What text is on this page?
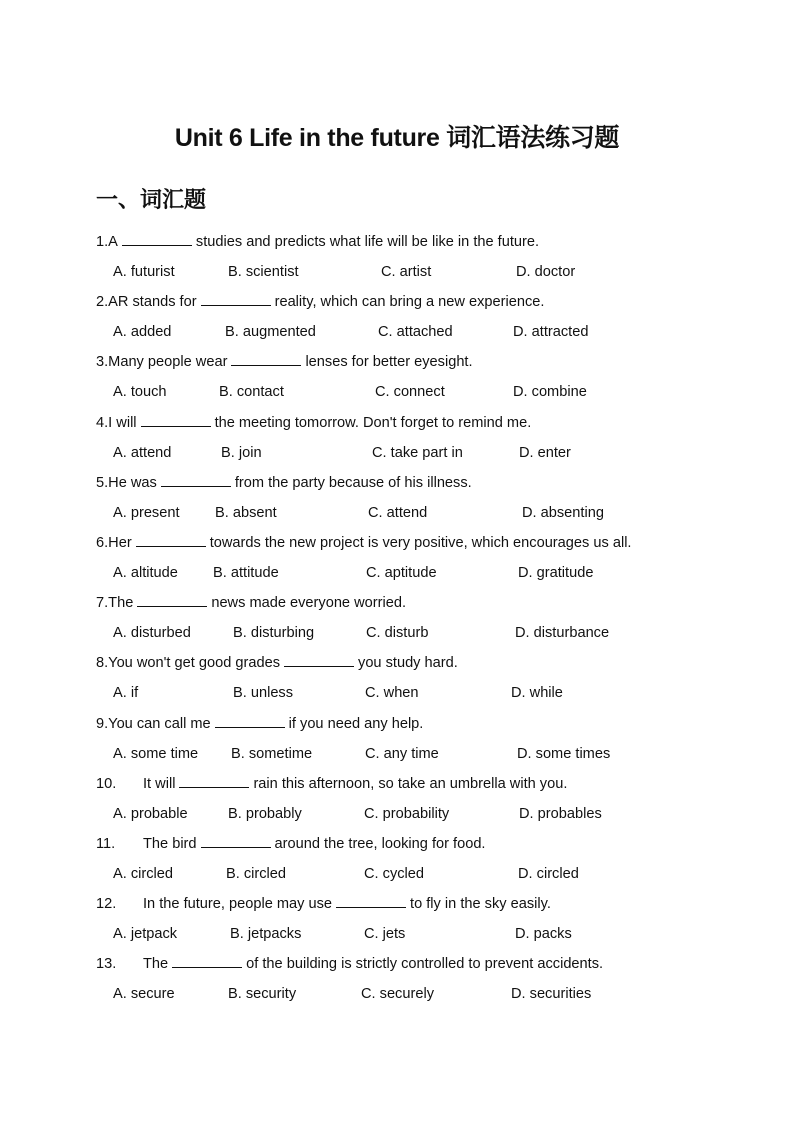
Unit 6 Life in the future 词汇语法练习题
一、词汇题
1.A	studies and predicts what life will be like in the future.
A. futurist	B. scientist	C. artist	D. doctor
2.AR stands for	reality, which can bring a new experience.
A. added	B. augmented	C. attached	D. attracted
3.Many people wear	lenses for better eyesight.
A. touch	B. contact	C. connect	D. combine
4.I will	the meeting tomorrow. Don't forget to remind me.
A. attend	B. join	C. take part in	D. enter
5.He was	from the party because of his illness.
A. present B. absent	C. attend	D. absenting
6.Her	towards the new project is very positive, which encourages us all.
A. altitude B. attitude	C. aptitude	D. gratitude
7.The	news made everyone worried.
A. disturbed	B. disturbing	C. disturb	D. disturbance
8.You won't get good grades	you study hard.
A. if	B. unless	C. when	D. while
9.You can call me	if you need any help.
A. some time B. sometime	C. any time	D. some times
10. It will	rain this afternoon, so take an umbrella with you.
A. probable	B. probably	C. probability	D. probables
11. The bird	around the tree, looking for food.
A. circled	B. circled	C. cycled	D. circled
12. In the future, people may use	to fly in the sky easily.
A. jetpack	B. jetpacks	C. jets	D. packs
13. The	of the building is strictly controlled to prevent accidents.
A. secure	B. security	C. securely	D. securities
